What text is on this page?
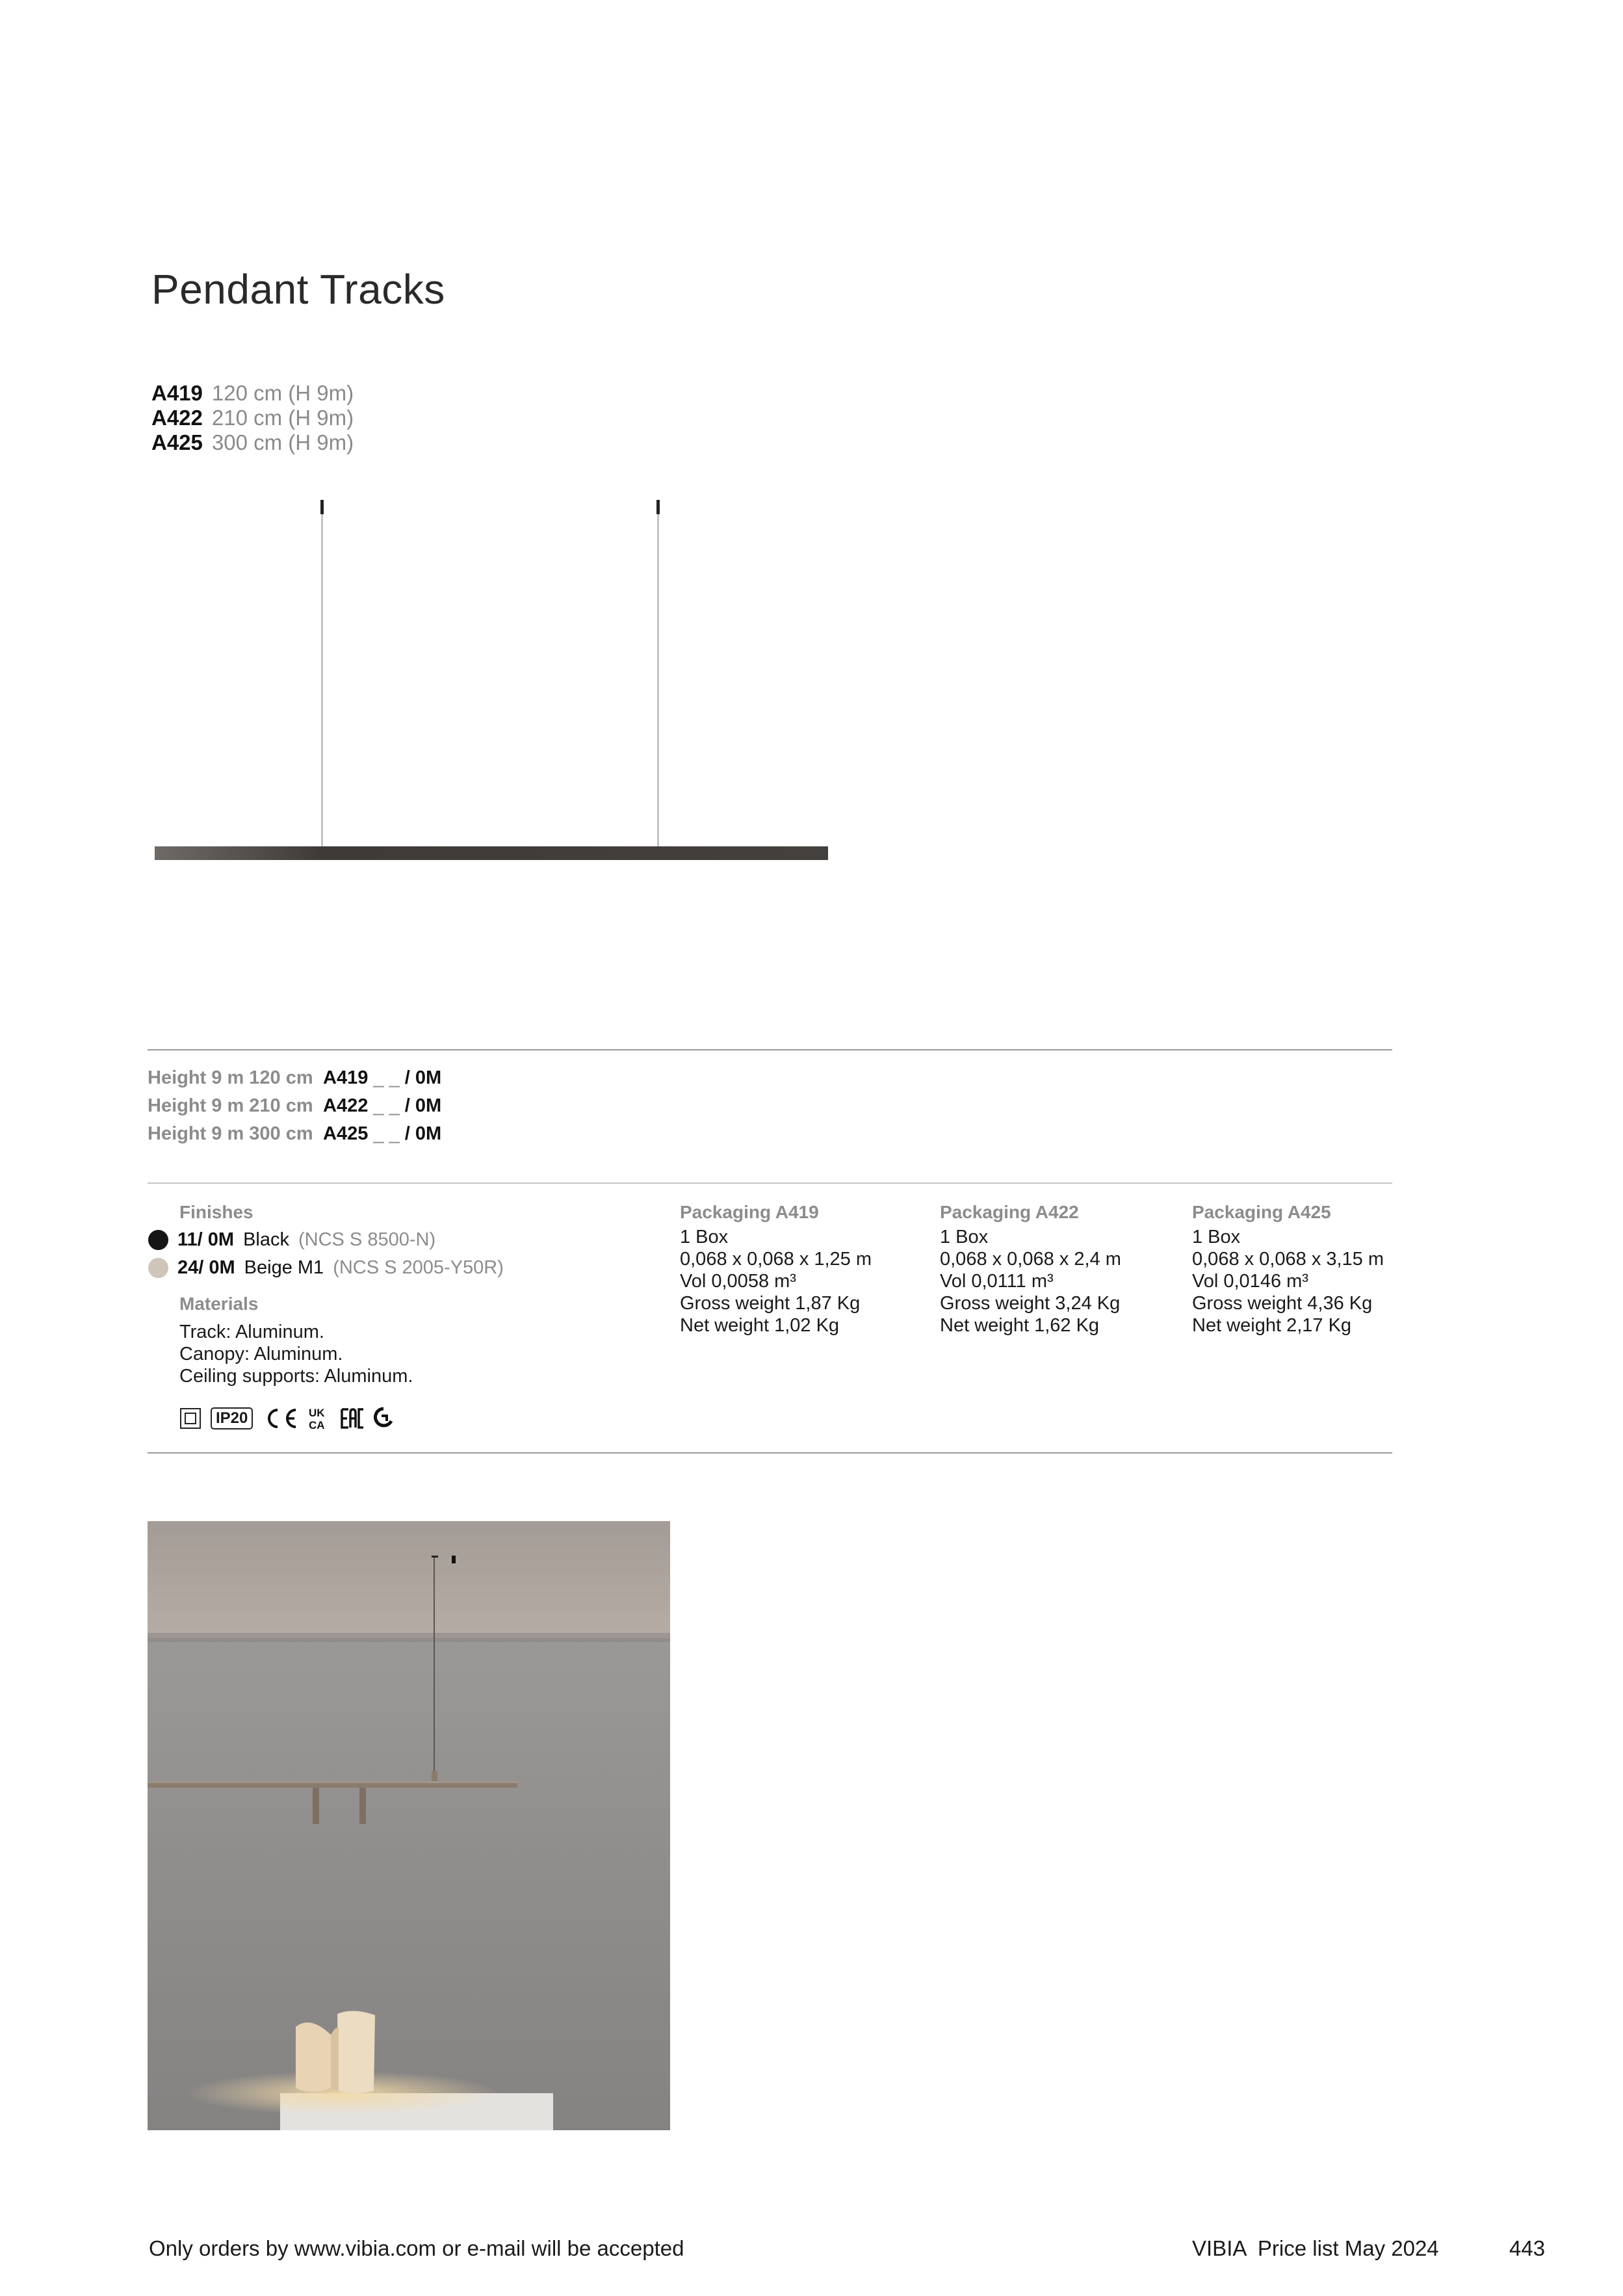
Pendant Tracks
A419 120 cm (H 9m)
A422 210 cm (H 9m)
A425 300 cm (H 9m)
Height 9 m 120 cm A419 _ _ / 0M
Height 9 m 210 cm A422 _ _ / 0M
Height 9 m 300 cm A425 _ _ / 0M
Finishes
11/ 0M Black (NCS S 8500-N)
24/ 0M Beige M1 (NCS S 2005-Y50R)
Materials
Track: Aluminum.
Canopy: Aluminum.
Ceiling supports: Aluminum.
IP20	UK
CA
Packaging A419
1 Box
0,068 x 0,068 x 1,25 m
Vol 0,0058 m³
Gross weight 1,87 Kg
Net weight 1,02 Kg
Packaging A422
1 Box
0,068 x 0,068 x 2,4 m
Vol 0,0111 m³
Gross weight 3,24 Kg
Net weight 1,62 Kg
Packaging A425
1 Box
0,068 x 0,068 x 3,15 m
Vol 0,0146 m³
Gross weight 4,36 Kg
Net weight 2,17 Kg
Only orders by www.vibia.com or e-mail will be accepted	VIBIA  Price list May 2024	443
